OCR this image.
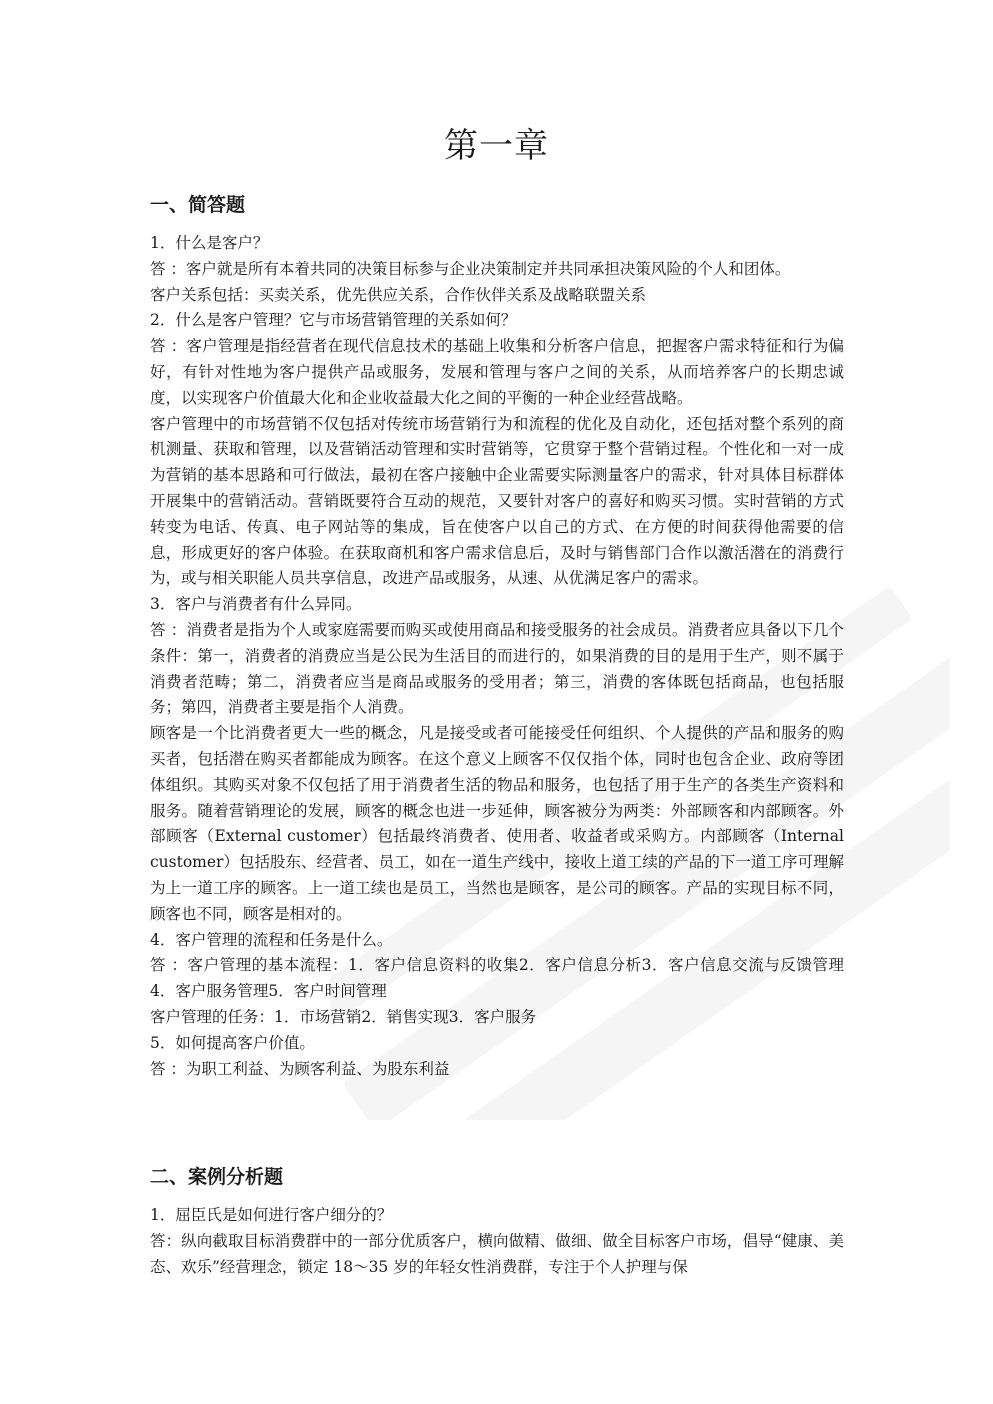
第一章
一、简答题

1．什么是客户？

答 ：客户就是所有本着共同的决策目标参与企业决策制定并共同承担决策风险的个人和团体。

客户关系包括：买卖关系，优先供应关系，合作伙伴关系及战略联盟关系

2．什么是客户管理？它与市场营销管理的关系如何？

答 ：客户管理是指经营者在现代信息技术的基础上收集和分析客户信息，把握客户需求特征和行为偏好，有针对性地为客户提供产品或服务，发展和管理与客户之间的关系，从而培养客户的长期忠诚度，以实现客户价值最大化和企业收益最大化之间的平衡的一种企业经营战略。

客户管理中的市场营销不仅包括对传统市场营销行为和流程的优化及自动化，还包括对整个系列的商机测量、获取和管理，以及营销活动管理和实时营销等，它贯穿于整个营销过程。个性化和一对一成为营销的基本思路和可行做法，最初在客户接触中企业需要实际测量客户的需求，针对具体目标群体开展集中的营销活动。营销既要符合互动的规范，又要针对客户的喜好和购买习惯。实时营销的方式转变为电话、传真、电子网站等的集成，旨在使客户以自己的方式、在方便的时间获得他需要的信息，形成更好的客户体验。在获取商机和客户需求信息后，及时与销售部门合作以激活潜在的消费行为，或与相关职能人员共享信息，改进产品或服务，从速、从优满足客户的需求。

3．客户与消费者有什么异同。

答 ：消费者是指为个人或家庭需要而购买或使用商品和接受服务的社会成员。消费者应具备以下几个条件：第一，消费者的消费应当是公民为生活目的而进行的，如果消费的目的是用于生产，则不属于消费者范畴；第二，消费者应当是商品或服务的受用者；第三，消费的客体既包括商品，也包括服务；第四，消费者主要是指个人消费。

顾客是一个比消费者更大一些的概念，凡是接受或者可能接受任何组织、个人提供的产品和服务的购买者，包括潜在购买者都能成为顾客。在这个意义上顾客不仅仅指个体，同时也包含企业、政府等团体组织。其购买对象不仅包括了用于消费者生活的物品和服务，也包括了用于生产的各类生产资料和服务。随着营销理论的发展，顾客的概念也进一步延伸，顾客被分为两类：外部顾客和内部顾客。外部顾客（External customer）包括最终消费者、使用者、收益者或采购方。内部顾客（Internal customer）包括股东、经营者、员工，如在一道生产线中，接收上道工续的产品的下一道工序可理解为上一道工序的顾客。上一道工续也是员工，当然也是顾客，是公司的顾客。产品的实现目标不同，顾客也不同，顾客是相对的。

4．客户管理的流程和任务是什么。

答 ：客户管理的基本流程：1．客户信息资料的收集2．客户信息分析3．客户信息交流与反馈管理4．客户服务管理5．客户时间管理

客户管理的任务：1．市场营销2．销售实现3．客户服务

5．如何提高客户价值。

答 ：为职工利益、为顾客利益、为股东利益

二、案例分析题

1．屈臣氏是如何进行客户细分的？

答：纵向截取目标消费群中的一部分优质客户，横向做精、做细、做全目标客户市场，倡导“健康、美态、欢乐”经营理念，锁定 18～35 岁的年轻女性消费群，专注于个人护理与保
